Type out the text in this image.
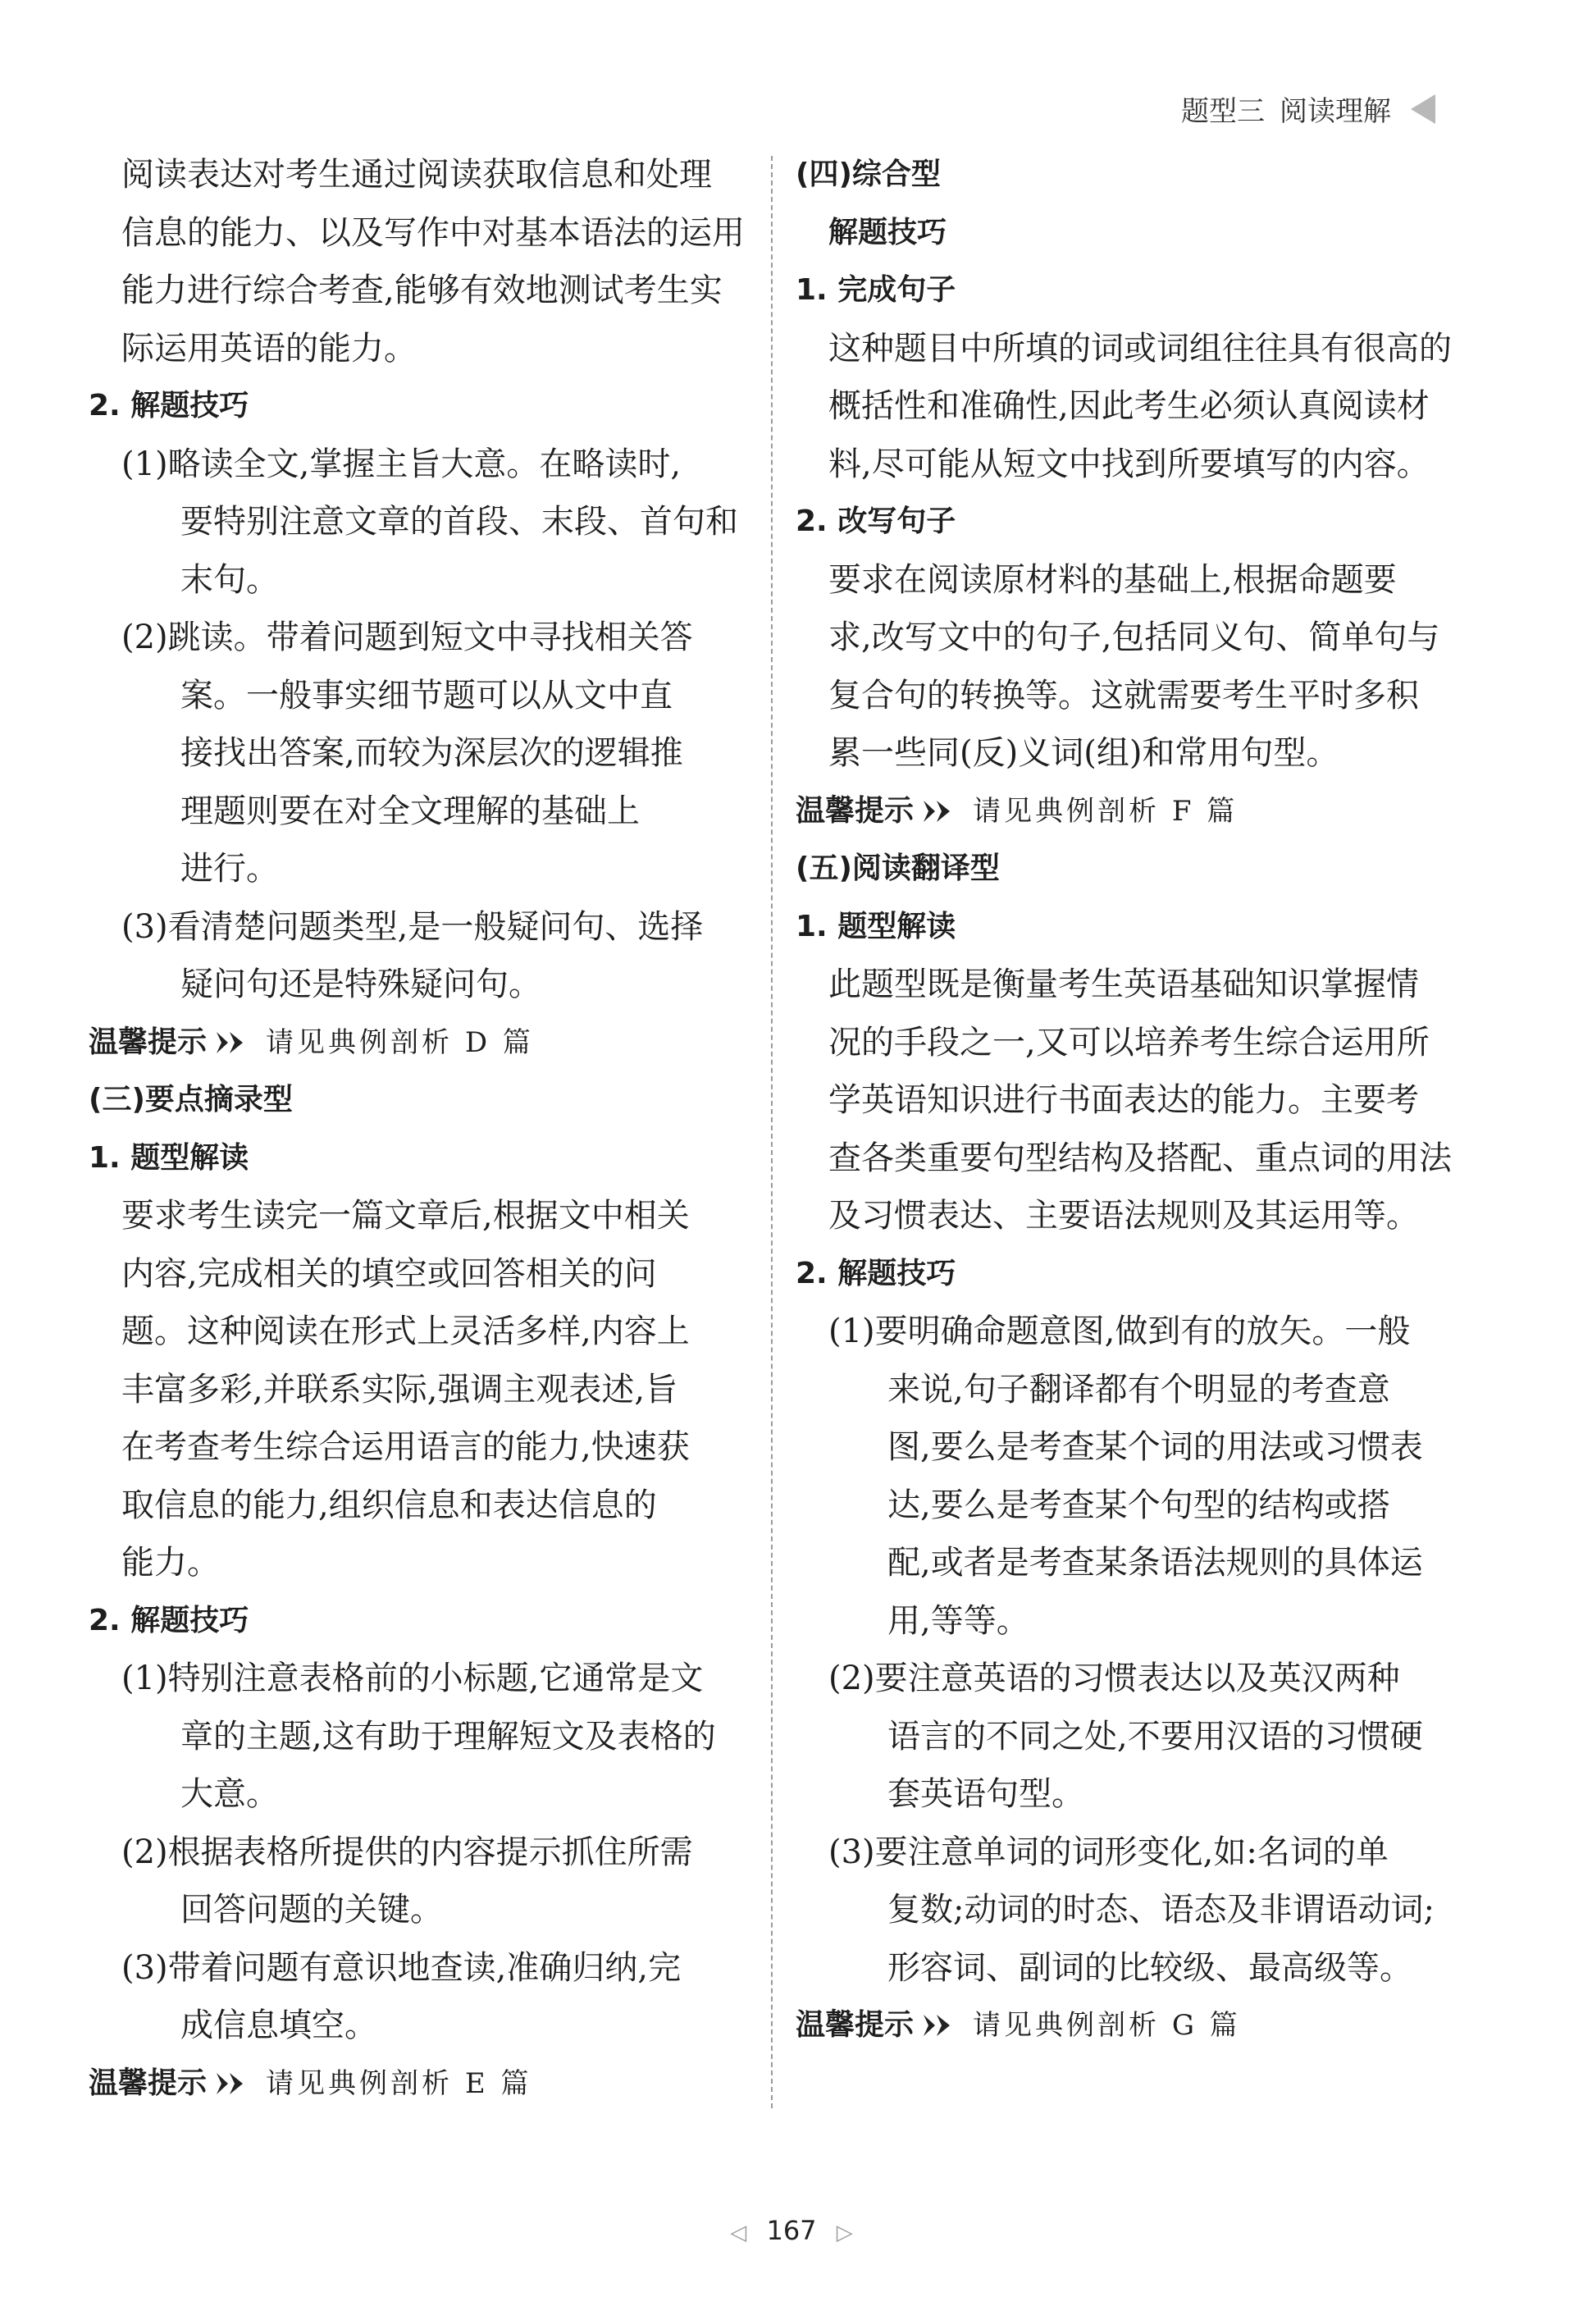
题型三 阅读理解
阅读表达对考生通过阅读获取信息和处理
信息的能力、以及写作中对基本语法的运用
能力进行综合考查,能够有效地测试考生实
际运用英语的能力。
2. 解题技巧
(1)略读全文,掌握主旨大意。在略读时,
要特别注意文章的首段、末段、首句和
末句。
(2)跳读。带着问题到短文中寻找相关答
案。一般事实细节题可以从文中直
接找出答案,而较为深层次的逻辑推
理题则要在对全文理解的基础上
进行。
(3)看清楚问题类型,是一般疑问句、选择
疑问句还是特殊疑问句。
温馨提示 请见典例剖析 D 篇
(三)要点摘录型
1. 题型解读
要求考生读完一篇文章后,根据文中相关
内容,完成相关的填空或回答相关的问
题。这种阅读在形式上灵活多样,内容上
丰富多彩,并联系实际,强调主观表述,旨
在考查考生综合运用语言的能力,快速获
取信息的能力,组织信息和表达信息的
能力。
2. 解题技巧
(1)特别注意表格前的小标题,它通常是文
章的主题,这有助于理解短文及表格的
大意。
(2)根据表格所提供的内容提示抓住所需
回答问题的关键。
(3)带着问题有意识地查读,准确归纳,完
成信息填空。
温馨提示 请见典例剖析 E 篇
(四)综合型
解题技巧
1. 完成句子
这种题目中所填的词或词组往往具有很高的
概括性和准确性,因此考生必须认真阅读材
料,尽可能从短文中找到所要填写的内容。
2. 改写句子
要求在阅读原材料的基础上,根据命题要
求,改写文中的句子,包括同义句、简单句与
复合句的转换等。这就需要考生平时多积
累一些同(反)义词(组)和常用句型。
温馨提示 请见典例剖析 F 篇
(五)阅读翻译型
1. 题型解读
此题型既是衡量考生英语基础知识掌握情
况的手段之一,又可以培养考生综合运用所
学英语知识进行书面表达的能力。主要考
查各类重要句型结构及搭配、重点词的用法
及习惯表达、主要语法规则及其运用等。
2. 解题技巧
(1)要明确命题意图,做到有的放矢。一般
来说,句子翻译都有个明显的考查意
图,要么是考查某个词的用法或习惯表
达,要么是考查某个句型的结构或搭
配,或者是考查某条语法规则的具体运
用,等等。
(2)要注意英语的习惯表达以及英汉两种
语言的不同之处,不要用汉语的习惯硬
套英语句型。
(3)要注意单词的词形变化,如:名词的单
复数;动词的时态、语态及非谓语动词;
形容词、副词的比较级、最高级等。
温馨提示 请见典例剖析 G 篇
◁ 167 ▷
